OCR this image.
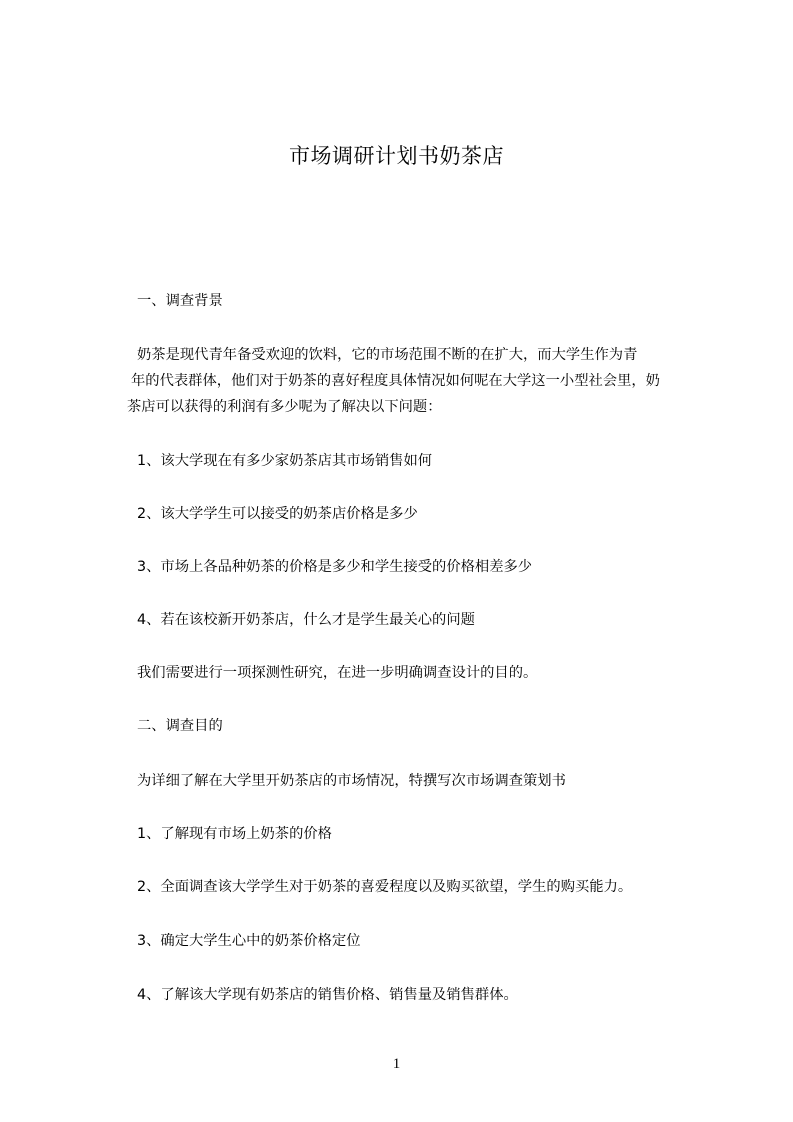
市场调研计划书奶茶店
一、调查背景
奶茶是现代青年备受欢迎的饮料，它的市场范围不断的在扩大，而大学生作为青
年的代表群体，他们对于奶茶的喜好程度具体情况如何呢在大学这一小型社会里，奶
茶店可以获得的利润有多少呢为了解决以下问题：
1、该大学现在有多少家奶茶店其市场销售如何
2、该大学学生可以接受的奶茶店价格是多少
3、市场上各品种奶茶的价格是多少和学生接受的价格相差多少
4、若在该校新开奶茶店，什么才是学生最关心的问题
我们需要进行一项探测性研究，在进一步明确调查设计的目的。
二、调查目的
为详细了解在大学里开奶茶店的市场情况，特撰写次市场调查策划书
1、了解现有市场上奶茶的价格
2、全面调查该大学学生对于奶茶的喜爱程度以及购买欲望，学生的购买能力。
3、确定大学生心中的奶茶价格定位
4、了解该大学现有奶茶店的销售价格、销售量及销售群体。
1
